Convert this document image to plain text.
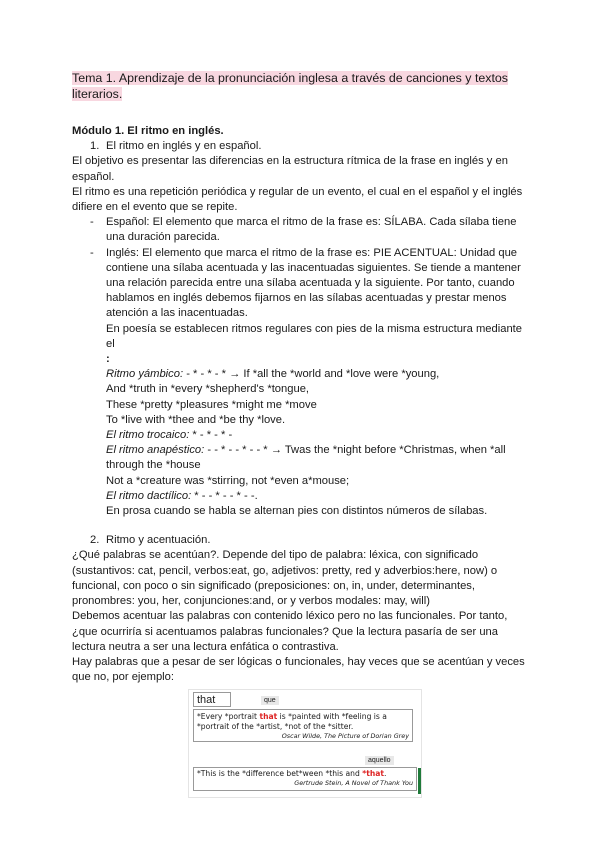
Tema 1. Aprendizaje de la pronunciación inglesa a través de canciones y textos literarios.

Módulo 1. El ritmo en inglés.

1. El ritmo en inglés y en español.

El objetivo es presentar las diferencias en la estructura rítmica de la frase en inglés y en español.

El ritmo es una repetición periódica y regular de un evento, el cual en el español y el inglés difiere en el evento que se repite.

- Español: El elemento que marca el ritmo de la frase es: SÍLABA. Cada sílaba tiene una duración parecida.
- Inglés: El elemento que marca el ritmo de la frase es: PIE ACENTUAL: Unidad que contiene una sílaba acentuada y las inacentuadas siguientes. Se tiende a mantener una relación parecida entre una sílaba acentuada y la siguiente. Por tanto, cuando hablamos en inglés debemos fijarnos en las sílabas acentuadas y prestar menos atención a las inacentuadas.
En poesía se establecen ritmos regulares con pies de la misma estructura mediante el
:
Ritmo yámbico: - * - * - * → If *all the *world and *love were *young,
And *truth in *every *shepherd's *tongue,
These *pretty *pleasures *might me *move
To *live with *thee and *be thy *love.
El ritmo trocaico: * - * - * -
El ritmo anapéstico: - - * - - * - - * → Twas the *night before *Christmas, when *all through the *house
Not a *creature was *stirring, not *even a*mouse;
El ritmo dactílico: * - - * - - * - -.
En prosa cuando se habla se alternan pies con distintos números de sílabas.
2. Ritmo y acentuación.

¿Qué palabras se acentúan?. Depende del tipo de palabra: léxica, con significado (sustantivos: cat, pencil, verbos:eat, go, adjetivos: pretty, red y adverbios:here, now) o funcional, con poco o sin significado (preposiciones: on, in, under, determinantes, pronombres: you, her, conjunciones:and, or y verbos modales: may, will)

Debemos acentuar las palabras con contenido léxico pero no las funcionales. Por tanto, ¿que ocurriría si acentuamos palabras funcionales? Que la lectura pasaría de ser una lectura neutra a ser una lectura enfática o contrastiva.

Hay palabras que a pesar de ser lógicas o funcionales, hay veces que se acentúan y veces que no, por ejemplo:

that	que
*Every *portrait that is *painted with *feeling is a *portrait of the *artist, *not of the *sitter.
Oscar Wilde, The Picture of Dorian Grey
aquello
*This is the *difference bet*ween *this and *that.
Gertrude Stein, A Novel of Thank You
